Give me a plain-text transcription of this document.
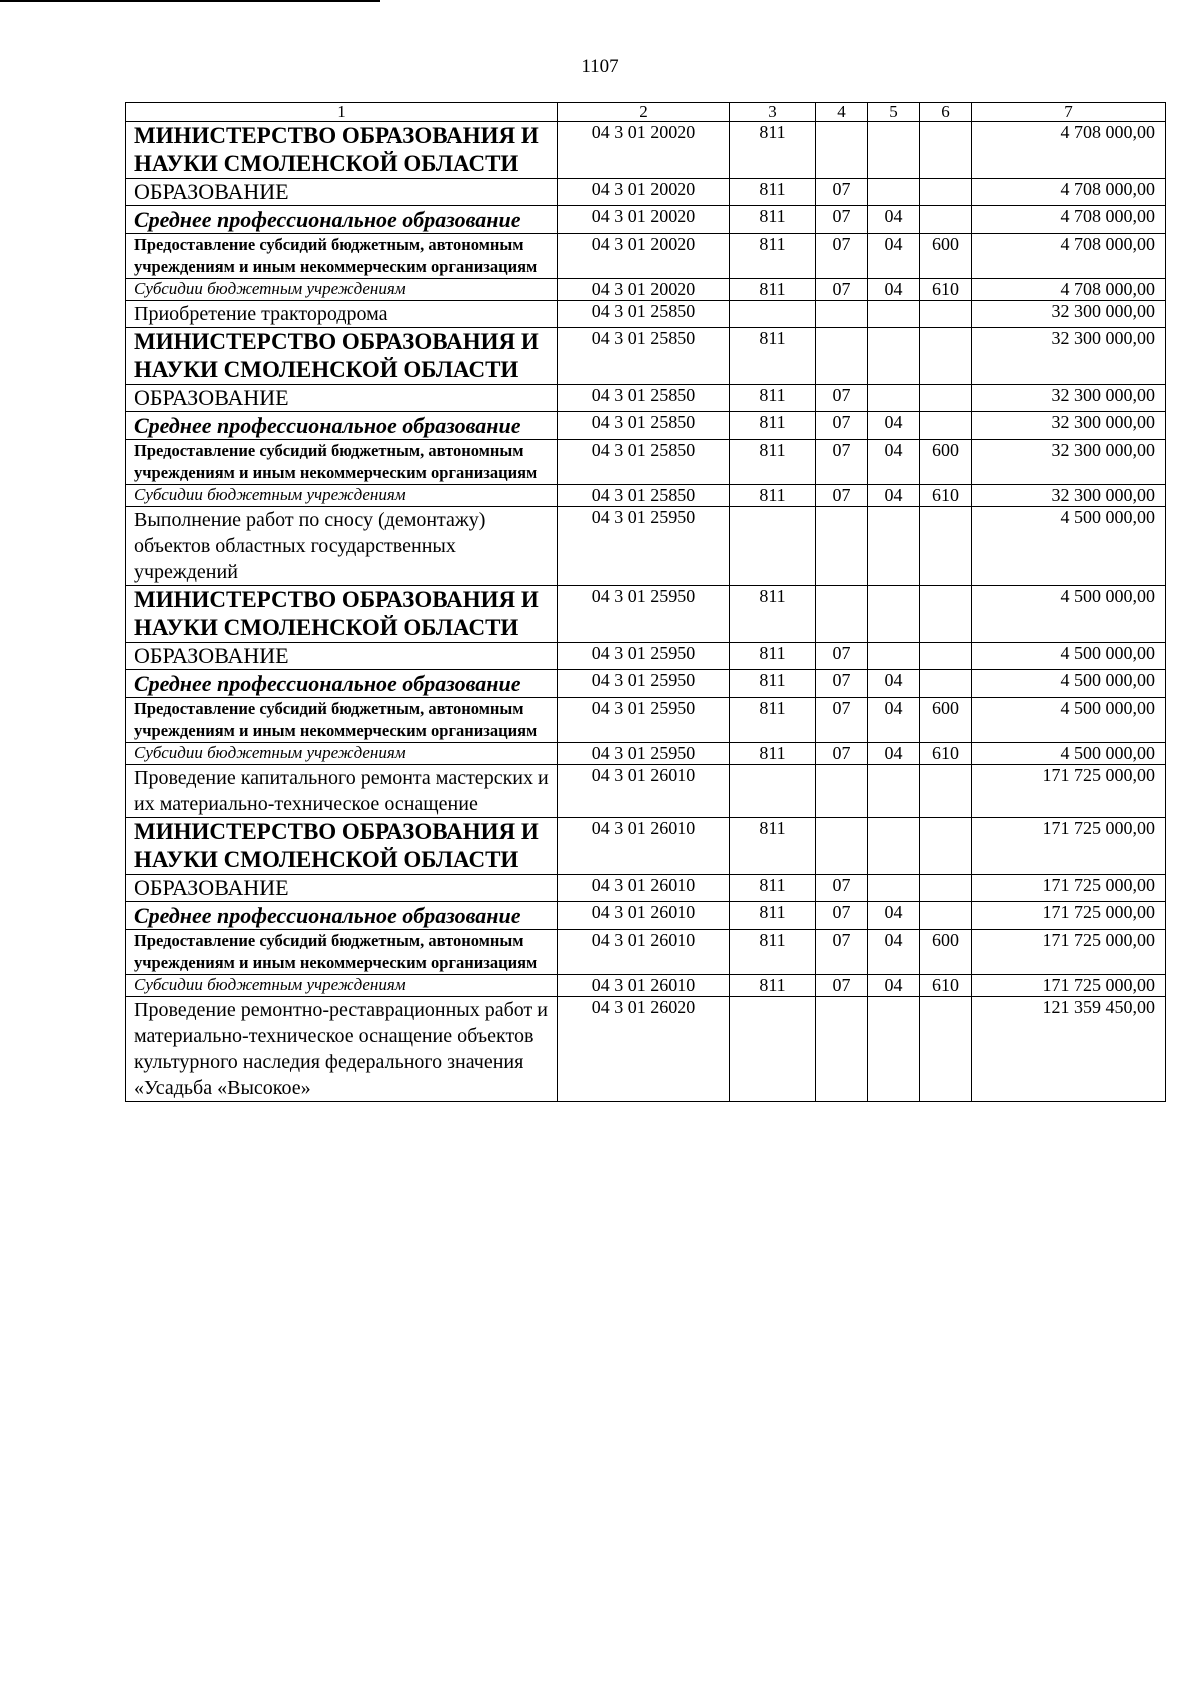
1107
1	2	3	4	5	6	7

МИНИСТЕРСТВО ОБРАЗОВАНИЯ И НАУКИ СМОЛЕНСКОЙ ОБЛАСТИ	04 3 01 20020	811				4 708 000,00

ОБРАЗОВАНИЕ	04 3 01 20020	811	07			4 708 000,00

Среднее профессиональное образование	04 3 01 20020	811	07	04		4 708 000,00

Предоставление субсидий бюджетным, автономным учреждениям и иным некоммерческим организациям	04 3 01 20020	811	07	04	600	4 708 000,00

Субсидии бюджетным учреждениям	04 3 01 20020	811	07	04	610	4 708 000,00

Приобретение трактородрома	04 3 01 25850					32 300 000,00

МИНИСТЕРСТВО ОБРАЗОВАНИЯ И НАУКИ СМОЛЕНСКОЙ ОБЛАСТИ	04 3 01 25850	811				32 300 000,00

ОБРАЗОВАНИЕ	04 3 01 25850	811	07			32 300 000,00

Среднее профессиональное образование	04 3 01 25850	811	07	04		32 300 000,00

Предоставление субсидий бюджетным, автономным учреждениям и иным некоммерческим организациям	04 3 01 25850	811	07	04	600	32 300 000,00

Субсидии бюджетным учреждениям	04 3 01 25850	811	07	04	610	32 300 000,00

Выполнение работ по сносу (демонтажу) объектов областных государственных учреждений	04 3 01 25950					4 500 000,00

МИНИСТЕРСТВО ОБРАЗОВАНИЯ И НАУКИ СМОЛЕНСКОЙ ОБЛАСТИ	04 3 01 25950	811				4 500 000,00

ОБРАЗОВАНИЕ	04 3 01 25950	811	07			4 500 000,00

Среднее профессиональное образование	04 3 01 25950	811	07	04		4 500 000,00

Предоставление субсидий бюджетным, автономным учреждениям и иным некоммерческим организациям	04 3 01 25950	811	07	04	600	4 500 000,00

Субсидии бюджетным учреждениям	04 3 01 25950	811	07	04	610	4 500 000,00

Проведение капитального ремонта мастерских и их материально-техническое оснащение	04 3 01 26010					171 725 000,00

МИНИСТЕРСТВО ОБРАЗОВАНИЯ И НАУКИ СМОЛЕНСКОЙ ОБЛАСТИ	04 3 01 26010	811				171 725 000,00

ОБРАЗОВАНИЕ	04 3 01 26010	811	07			171 725 000,00

Среднее профессиональное образование	04 3 01 26010	811	07	04		171 725 000,00

Предоставление субсидий бюджетным, автономным учреждениям и иным некоммерческим организациям	04 3 01 26010	811	07	04	600	171 725 000,00

Субсидии бюджетным учреждениям	04 3 01 26010	811	07	04	610	171 725 000,00

Проведение ремонтно-реставрационных работ и материально-техническое оснащение объектов культурного наследия федерального значения «Усадьба «Высокое»	04 3 01 26020					121 359 450,00
